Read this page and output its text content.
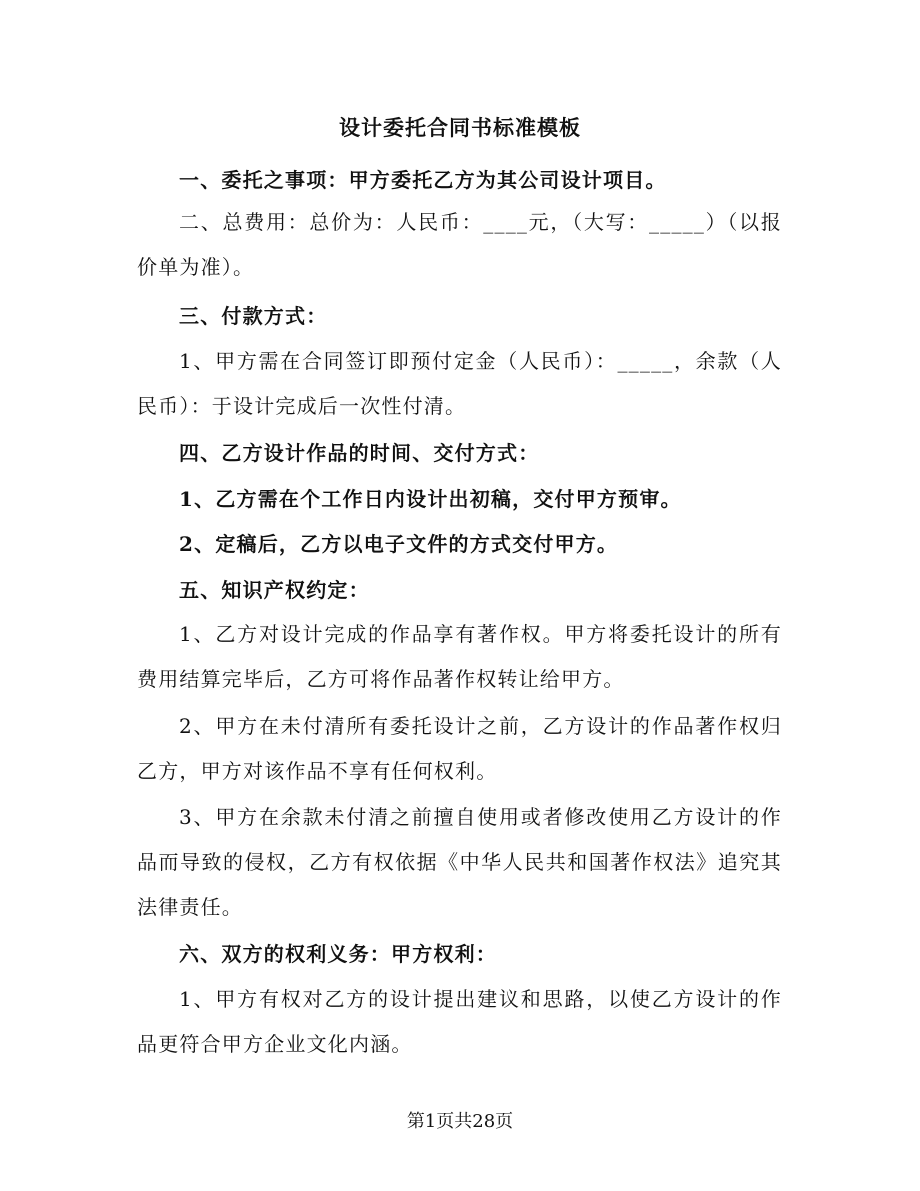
设计委托合同书标准模板

一、委托之事项：甲方委托乙方为其公司设计项目。

二、总费用：总价为：人民币：____元，（大写：_____）（以报价单为准）。

三、付款方式：

1、甲方需在合同签订即预付定金（人民币）：_____，余款（人民币）：于设计完成后一次性付清。

四、乙方设计作品的时间、交付方式：

1、乙方需在个工作日内设计出初稿，交付甲方预审。

2、定稿后，乙方以电子文件的方式交付甲方。

五、知识产权约定：

1、乙方对设计完成的作品享有著作权。甲方将委托设计的所有费用结算完毕后，乙方可将作品著作权转让给甲方。

2、甲方在未付清所有委托设计之前，乙方设计的作品著作权归乙方，甲方对该作品不享有任何权利。

3、甲方在余款未付清之前擅自使用或者修改使用乙方设计的作品而导致的侵权，乙方有权依据《中华人民共和国著作权法》追究其法律责任。

六、双方的权利义务：甲方权利：

1、甲方有权对乙方的设计提出建议和思路，以使乙方设计的作品更符合甲方企业文化内涵。

第1页共28页
